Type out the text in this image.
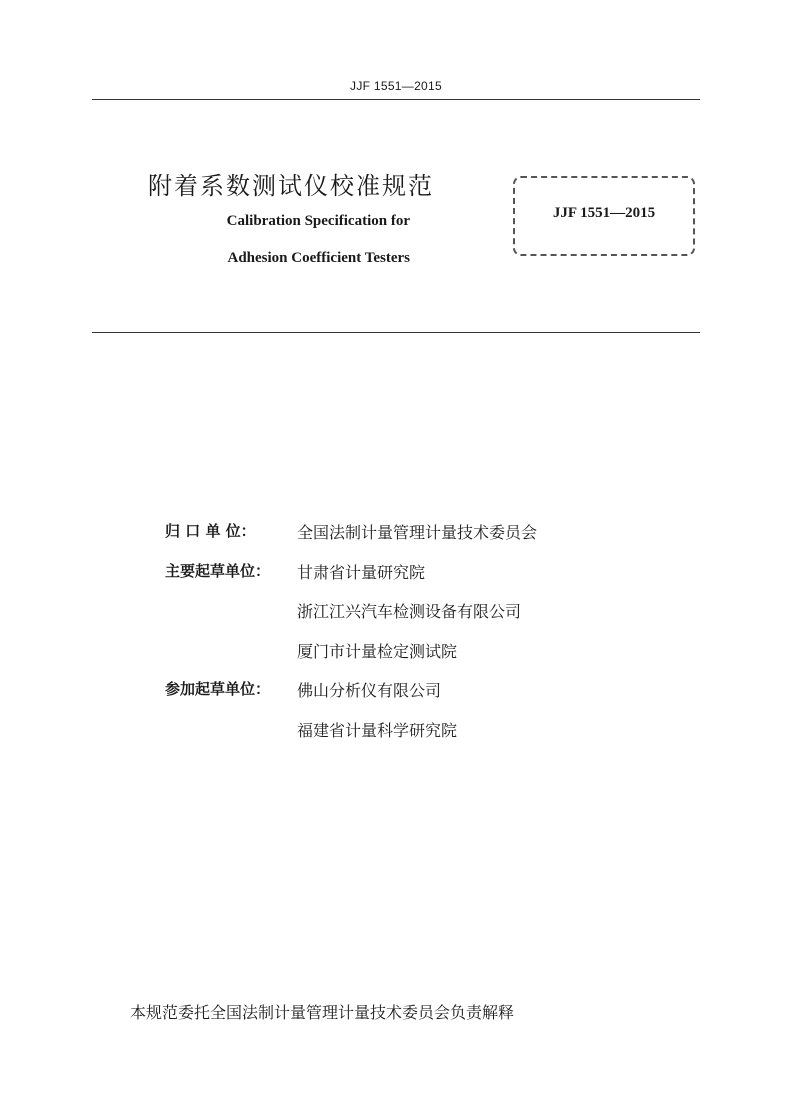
JJF 1551—2015
附着系数测试仪校准规范
Calibration Specification for
Adhesion Coefficient Testers
JJF 1551—2015
归 口 单 位：	全国法制计量管理计量技术委员会
主要起草单位： 甘肃省计量研究院
浙江江兴汽车检测设备有限公司
厦门市计量检定测试院
参加起草单位： 佛山分析仪有限公司
福建省计量科学研究院
本规范委托全国法制计量管理计量技术委员会负责解释
